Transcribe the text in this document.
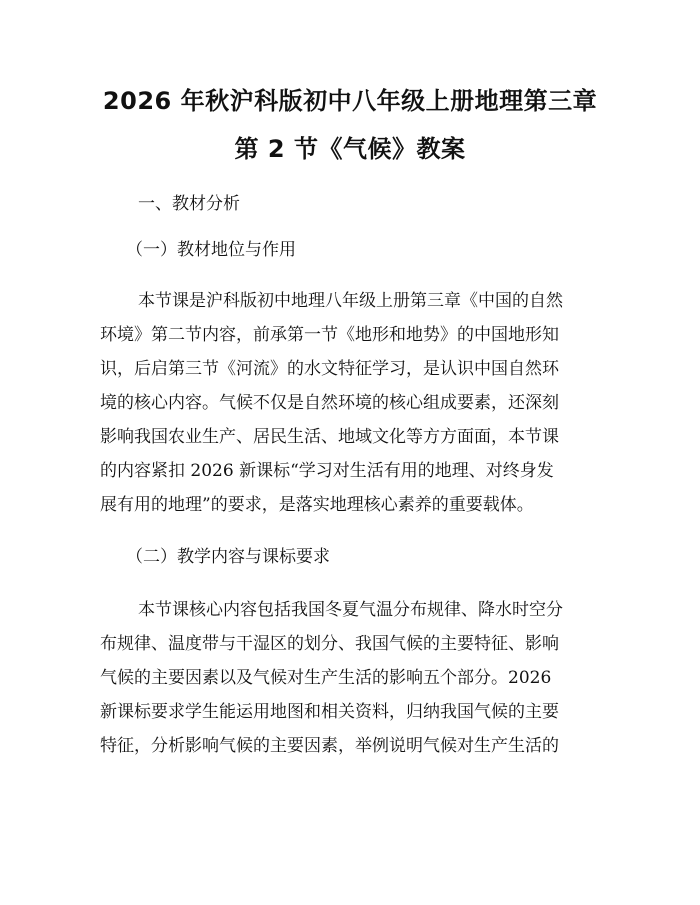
2026 年秋沪科版初中八年级上册地理第三章
第 2 节《气候》教案
一、教材分析
（一）教材地位与作用
本节课是沪科版初中地理八年级上册第三章《中国的自然
环境》第二节内容，前承第一节《地形和地势》的中国地形知
识，后启第三节《河流》的水文特征学习，是认识中国自然环
境的核心内容。气候不仅是自然环境的核心组成要素，还深刻
影响我国农业生产、居民生活、地域文化等方方面面，本节课
的内容紧扣 2026 新课标“学习对生活有用的地理、对终身发
展有用的地理”的要求，是落实地理核心素养的重要载体。
（二）教学内容与课标要求
本节课核心内容包括我国冬夏气温分布规律、降水时空分
布规律、温度带与干湿区的划分、我国气候的主要特征、影响
气候的主要因素以及气候对生产生活的影响五个部分。2026
新课标要求学生能运用地图和相关资料，归纳我国气候的主要
特征，分析影响气候的主要因素，举例说明气候对生产生活的
